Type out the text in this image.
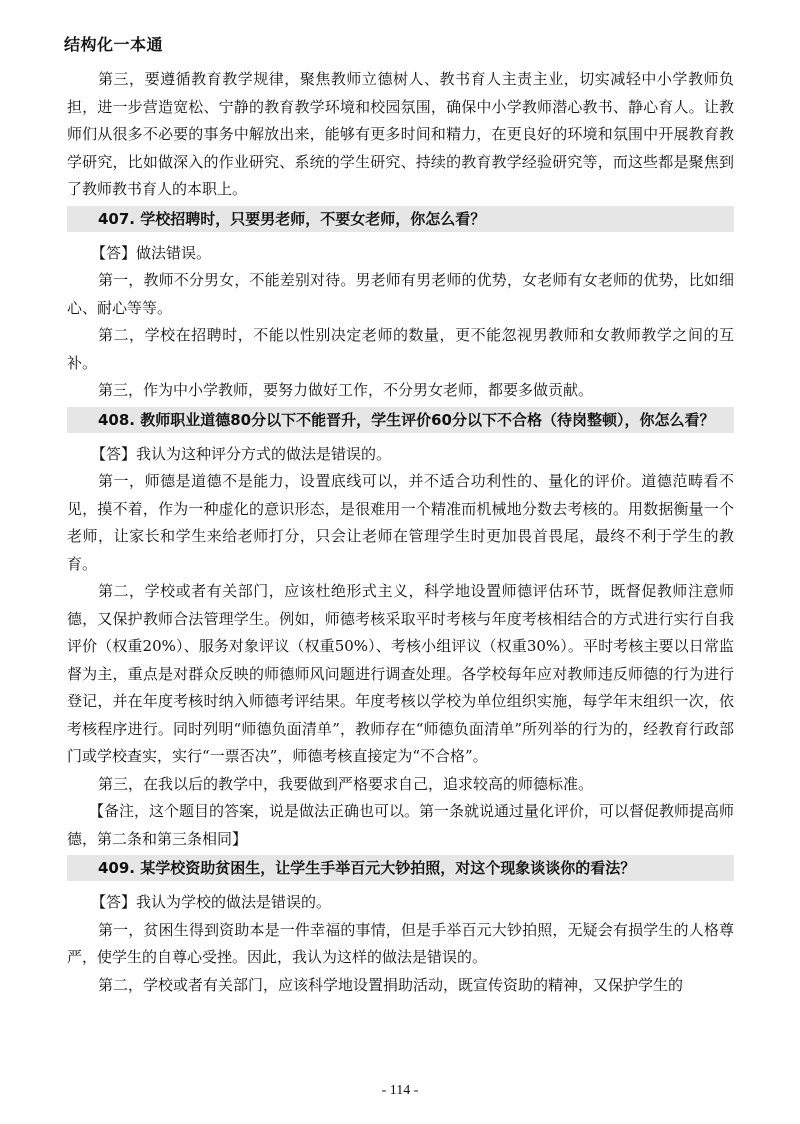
结构化一本通

第三，要遵循教育教学规律，聚焦教师立德树人、教书育人主责主业，切实减轻中小学教师负担，进一步营造宽松、宁静的教育教学环境和校园氛围，确保中小学教师潜心教书、静心育人。让教师们从很多不必要的事务中解放出来，能够有更多时间和精力，在更良好的环境和氛围中开展教育教学研究，比如做深入的作业研究、系统的学生研究、持续的教育教学经验研究等，而这些都是聚焦到了教师教书育人的本职上。

407. 学校招聘时，只要男老师，不要女老师，你怎么看？

【答】做法错误。

第一，教师不分男女，不能差别对待。男老师有男老师的优势，女老师有女老师的优势，比如细心、耐心等等。

第二，学校在招聘时，不能以性别决定老师的数量，更不能忽视男教师和女教师教学之间的互补。

第三，作为中小学教师，要努力做好工作，不分男女老师，都要多做贡献。

408. 教师职业道德80分以下不能晋升，学生评价60分以下不合格（待岗整顿），你怎么看？

【答】我认为这种评分方式的做法是错误的。

第一，师德是道德不是能力，设置底线可以，并不适合功利性的、量化的评价。道德范畴看不见，摸不着，作为一种虚化的意识形态，是很难用一个精准而机械地分数去考核的。用数据衡量一个老师，让家长和学生来给老师打分，只会让老师在管理学生时更加畏首畏尾，最终不利于学生的教育。

第二，学校或者有关部门，应该杜绝形式主义，科学地设置师德评估环节，既督促教师注意师德，又保护教师合法管理学生。例如，师德考核采取平时考核与年度考核相结合的方式进行实行自我评价（权重20%）、服务对象评议（权重50%）、考核小组评议（权重30%）。平时考核主要以日常监督为主，重点是对群众反映的师德师风问题进行调查处理。各学校每年应对教师违反师德的行为进行登记，并在年度考核时纳入师德考评结果。年度考核以学校为单位组织实施，每学年末组织一次，依考核程序进行。同时列明“师德负面清单”，教师存在“师德负面清单”所列举的行为的，经教育行政部门或学校查实，实行“一票否决”，师德考核直接定为“不合格”。

第三，在我以后的教学中，我要做到严格要求自己，追求较高的师德标准。

【备注，这个题目的答案，说是做法正确也可以。第一条就说通过量化评价，可以督促教师提高师德，第二条和第三条相同】

409. 某学校资助贫困生，让学生手举百元大钞拍照，对这个现象谈谈你的看法？

【答】我认为学校的做法是错误的。

第一，贫困生得到资助本是一件幸福的事情，但是手举百元大钞拍照，无疑会有损学生的人格尊严，使学生的自尊心受挫。因此，我认为这样的做法是错误的。

第二，学校或者有关部门，应该科学地设置捐助活动，既宣传资助的精神，又保护学生的

- 114 -
